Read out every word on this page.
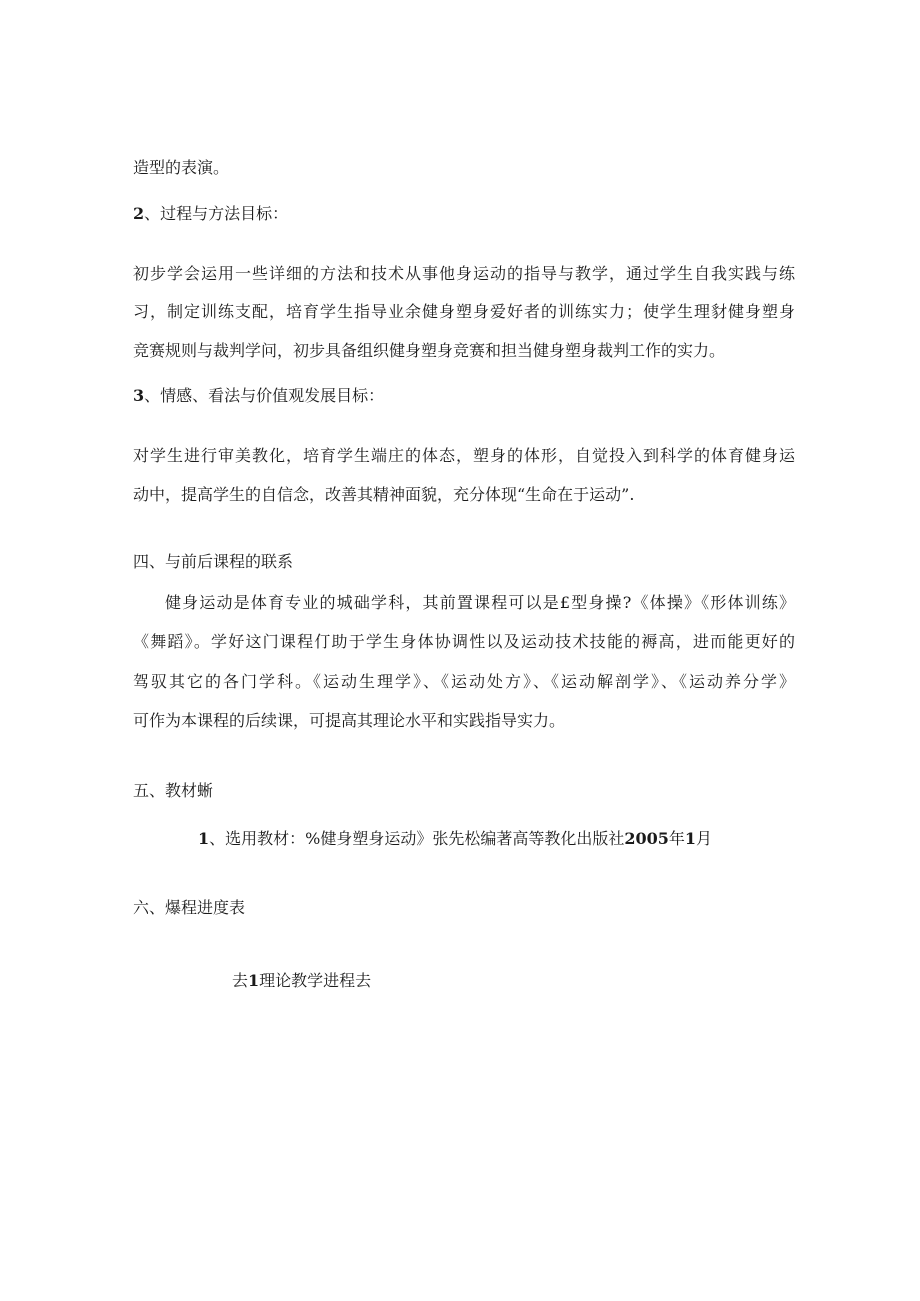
造型的表演。

2、过程与方法目标：

初步学会运用一些详细的方法和技术从事他身运动的指导与教学，通过学生自我实践与练

习，制定训练支配，培育学生指导业余健身塑身爱好者的训练实力；使学生理豺健身塑身

竞赛规则与裁判学问，初步具备组织健身塑身竞赛和担当健身塑身裁判工作的实力。

3、情感、看法与价值观发展目标：

对学生进行审美教化，培育学生端庄的体态，塑身的体形，自觉投入到科学的体育健身运

动中，提高学生的自信念，改善其精神面貌，充分体现“生命在于运动”.

四、与前后课程的联系

健身运动是体育专业的城础学科，其前置课程可以是£型身操?《体操》《形体训练》

《舞蹈》。学好这门课程仃助于学生身体协调性以及运动技术技能的褥高，进而能更好的

驾驭其它的各门学科。《运动生理学》、《运动处方》、《运动解剖学》、《运动养分学》

可作为本课程的后续课，可提高其理论水平和实践指导实力。

五、教材蜥

1、选用教材：%健身塑身运动》张先松编著高等教化出版社2005年1月

六、爆程进度表

去1理论教学进程去
